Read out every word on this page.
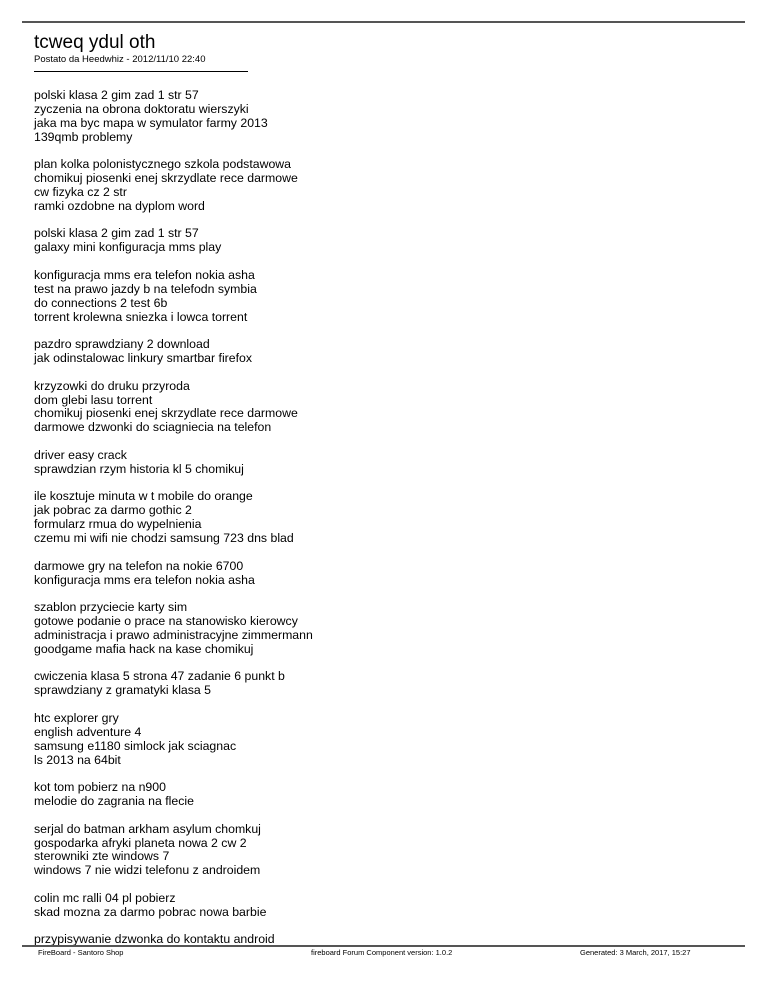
tcweq ydul oth
Postato da Heedwhiz - 2012/11/10 22:40
polski klasa 2 gim zad 1 str 57
zyczenia na obrona doktoratu wierszyki
jaka ma byc mapa w symulator farmy 2013
139qmb problemy
plan kolka polonistycznego szkola podstawowa
chomikuj piosenki enej skrzydlate rece darmowe
cw fizyka cz 2 str
ramki ozdobne na dyplom word
polski klasa 2 gim zad 1 str 57
galaxy mini konfiguracja mms play
konfiguracja mms era telefon nokia asha
test na prawo jazdy b na telefodn symbia
do connections 2 test 6b
torrent krolewna sniezka i lowca torrent
pazdro sprawdziany 2 download
jak odinstalowac linkury smartbar firefox
krzyzowki do druku przyroda
dom glebi lasu torrent
chomikuj piosenki enej skrzydlate rece darmowe
darmowe dzwonki do sciagniecia na telefon
driver easy crack
sprawdzian rzym historia kl 5 chomikuj
ile kosztuje minuta w t mobile do orange
jak pobrac za darmo gothic 2
formularz rmua do wypelnienia
czemu mi wifi nie chodzi samsung 723 dns blad
darmowe gry na telefon na nokie 6700
konfiguracja mms era telefon nokia asha
szablon przyciecie karty sim
gotowe podanie o prace na stanowisko kierowcy
administracja i prawo administracyjne zimmermann
goodgame mafia hack na kase chomikuj
cwiczenia klasa 5 strona 47 zadanie 6 punkt b
sprawdziany z gramatyki klasa 5
htc explorer gry
english adventure 4
samsung e1180 simlock jak sciagnac
ls 2013 na 64bit
kot tom pobierz na n900
melodie do zagrania na flecie
serjal do batman arkham asylum chomkuj
gospodarka afryki planeta nowa 2 cw 2
sterowniki zte windows 7
windows 7 nie widzi telefonu z androidem
colin mc ralli 04 pl pobierz
skad mozna za darmo pobrac nowa barbie
przypisywanie dzwonka do kontaktu android
FireBoard - Santoro Shop	fireboard Forum Component version: 1.0.2	Generated: 3 March, 2017, 15:27
